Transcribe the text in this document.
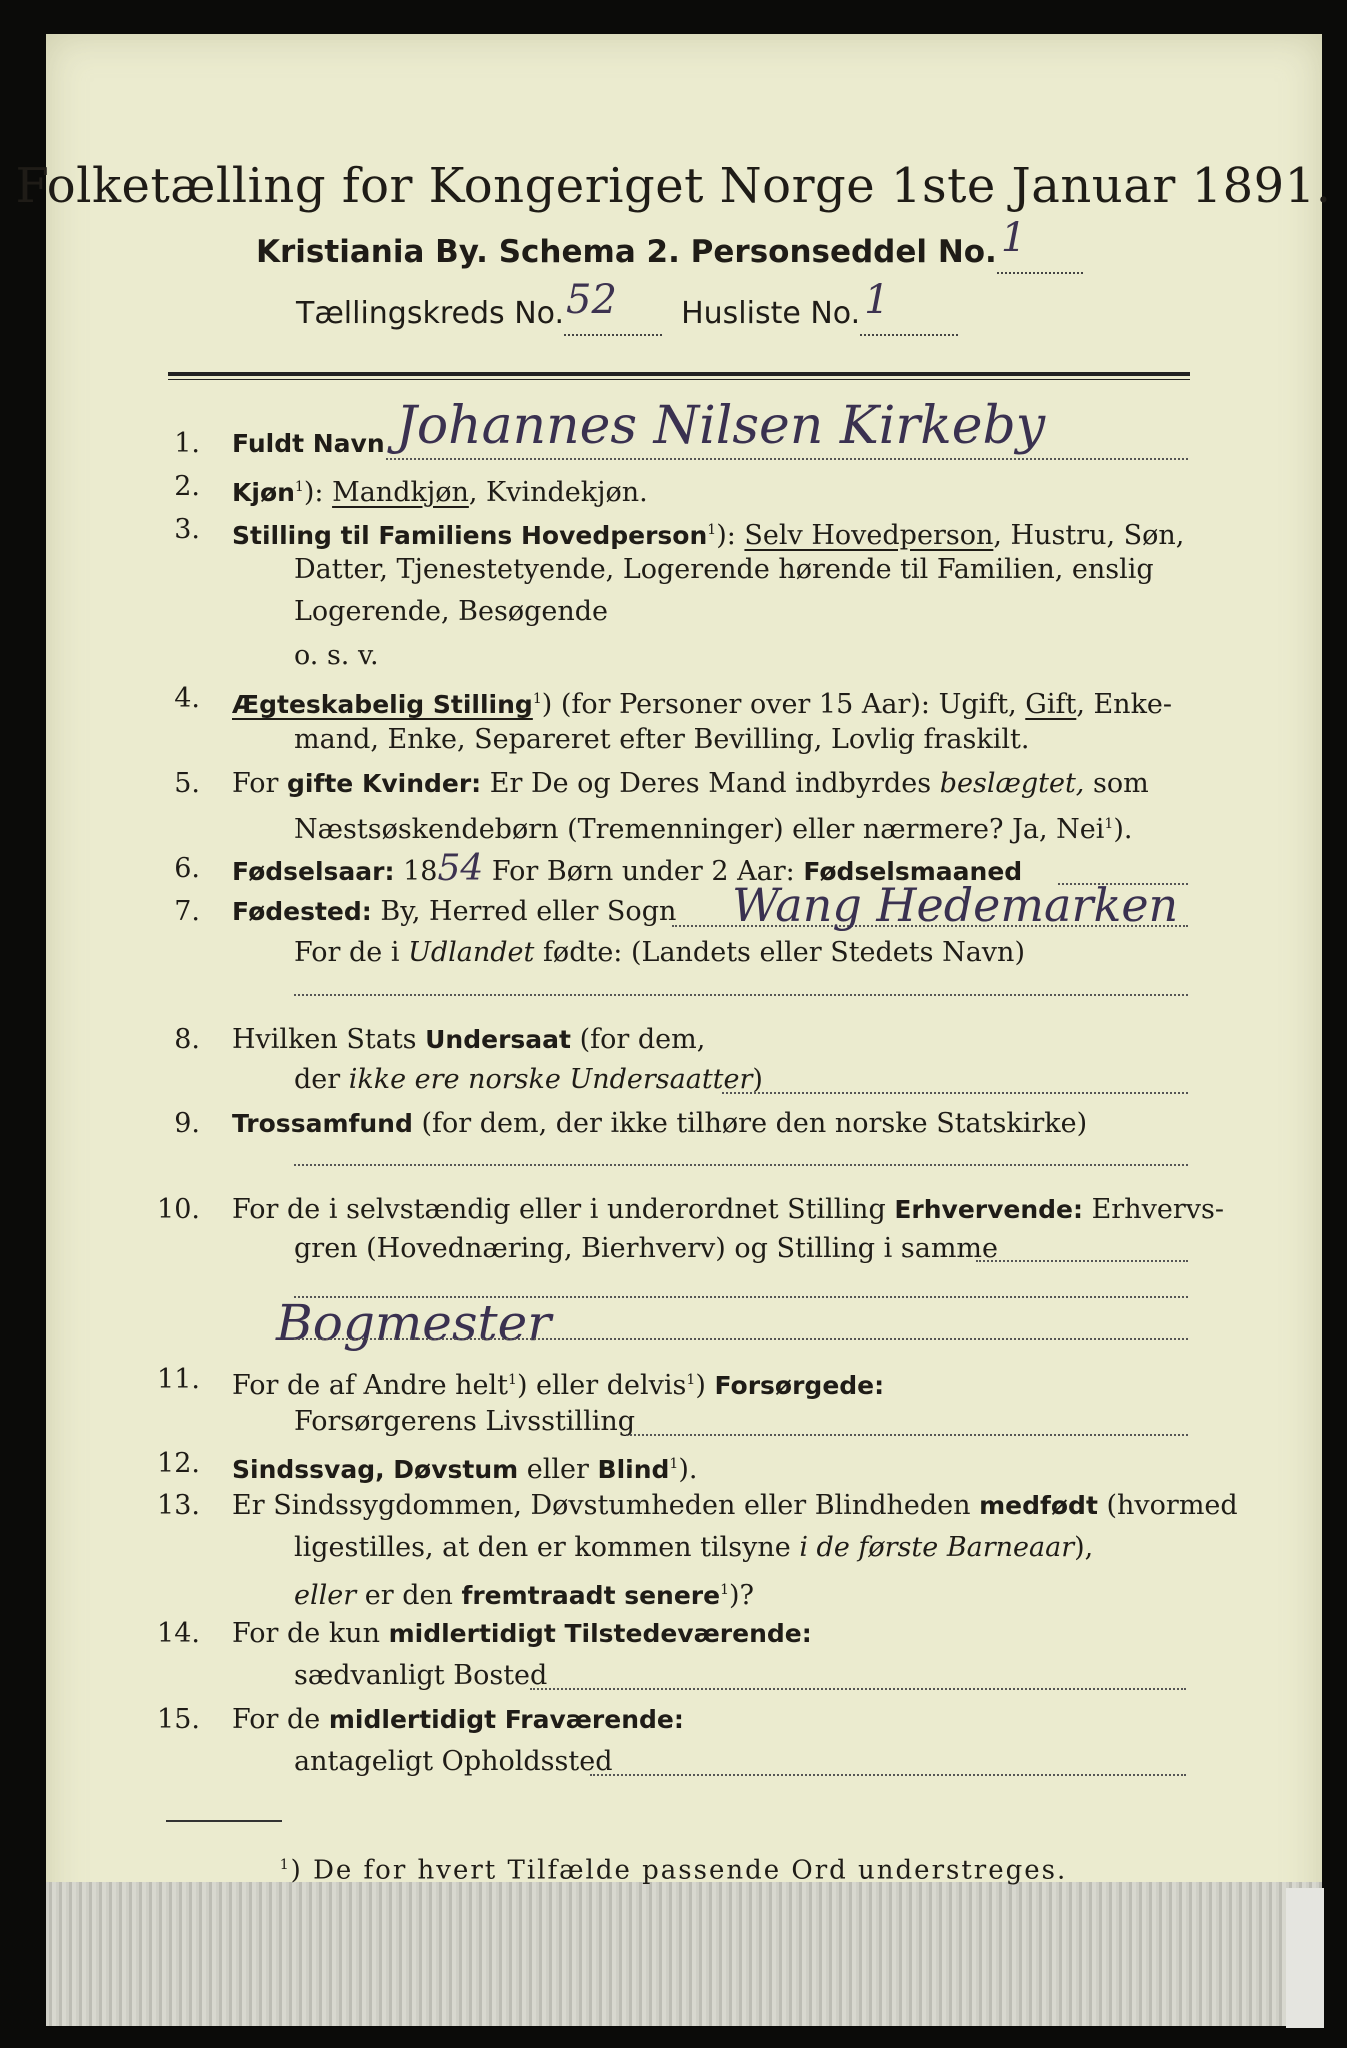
Folketælling for Kongeriget Norge 1ste Januar 1891.
Kristiania By. Schema 2. Personseddel No. 1

Tællingskreds No. 52 Husliste No. 1

1. Fuldt Navn Johannes Nilsen Kirkeby
2. Kjøn$^1$): Mandkjøn, Kvindekjøn.
3. Stilling til Familiens Hovedperson$^1$): Selv Hovedperson, Hustru, Søn,
Datter, Tjenestetyende, Logerende hørende til Familien, enslig
Logerende, Besøgende
o. s. v.
4. Ægteskabelig Stilling$^1$) (for Personer over 15 Aar): Ugift, Gift, Enke-
mand, Enke, Separeret efter Bevilling, Lovlig fraskilt.
5. For gifte Kvinder: Er De og Deres Mand indbyrdes beslægtet, som
Næstsøskendebørn (Tremenninger) eller nærmere? Ja, Nei$^1$).
6. Fødselsaar: 1854 For Børn under 2 Aar: Fødselsmaaned
7. Fødested: By, Herred eller Sogn Wang Hedemarken
For de i Udlandet fødte: (Landets eller Stedets Navn)
8. Hvilken Stats Undersaat (for dem,
der ikke ere norske Undersaatter)
9. Trossamfund (for dem, der ikke tilhøre den norske Statskirke)
10. For de i selvstændig eller i underordnet Stilling Erhvervende: Erhvervs-
gren (Hovednæring, Bierhverv) og Stilling i samme
Bogmester
11. For de af Andre helt$^1$) eller delvis$^1$) Forsørgede:
Forsørgerens Livsstilling
12. Sindssvag, Døvstum eller Blind$^1$).
13. Er Sindssygdommen, Døvstumheden eller Blindheden medfødt (hvormed
ligestilles, at den er kommen tilsyne i de første Barneaar),
eller er den fremtraadt senere$^1$)?
14. For de kun midlertidigt Tilstedeværende:
sædvanligt Bosted
15. For de midlertidigt Fraværende:
antageligt Opholdssted
$^1$) De for hvert Tilfælde passende Ord understreges.
